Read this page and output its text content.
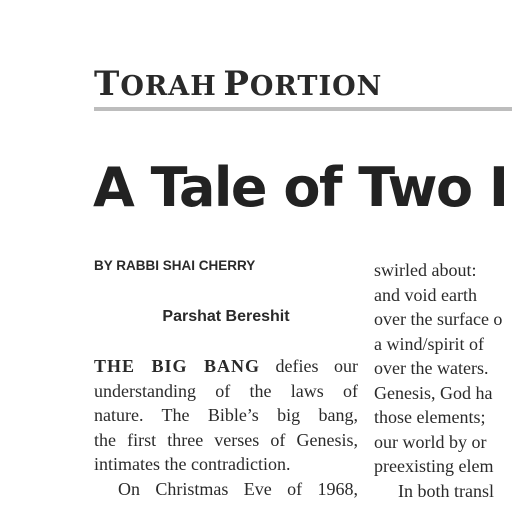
TORAH PORTION
A Tale of Two I

BY RABBI SHAI CHERRY

Parshat Bereshit

THE BIG BANG defies our
understanding of the laws of
nature. The Bible’s big bang,
the first three verses of Genesis,
intimates the contradiction.
On Christmas Eve of 1968,
swirled about:
and void earth
over the surface o
a wind/spirit of
over the waters.
Genesis, God ha
those elements;
our world by or
preexisting elem
In both transl
